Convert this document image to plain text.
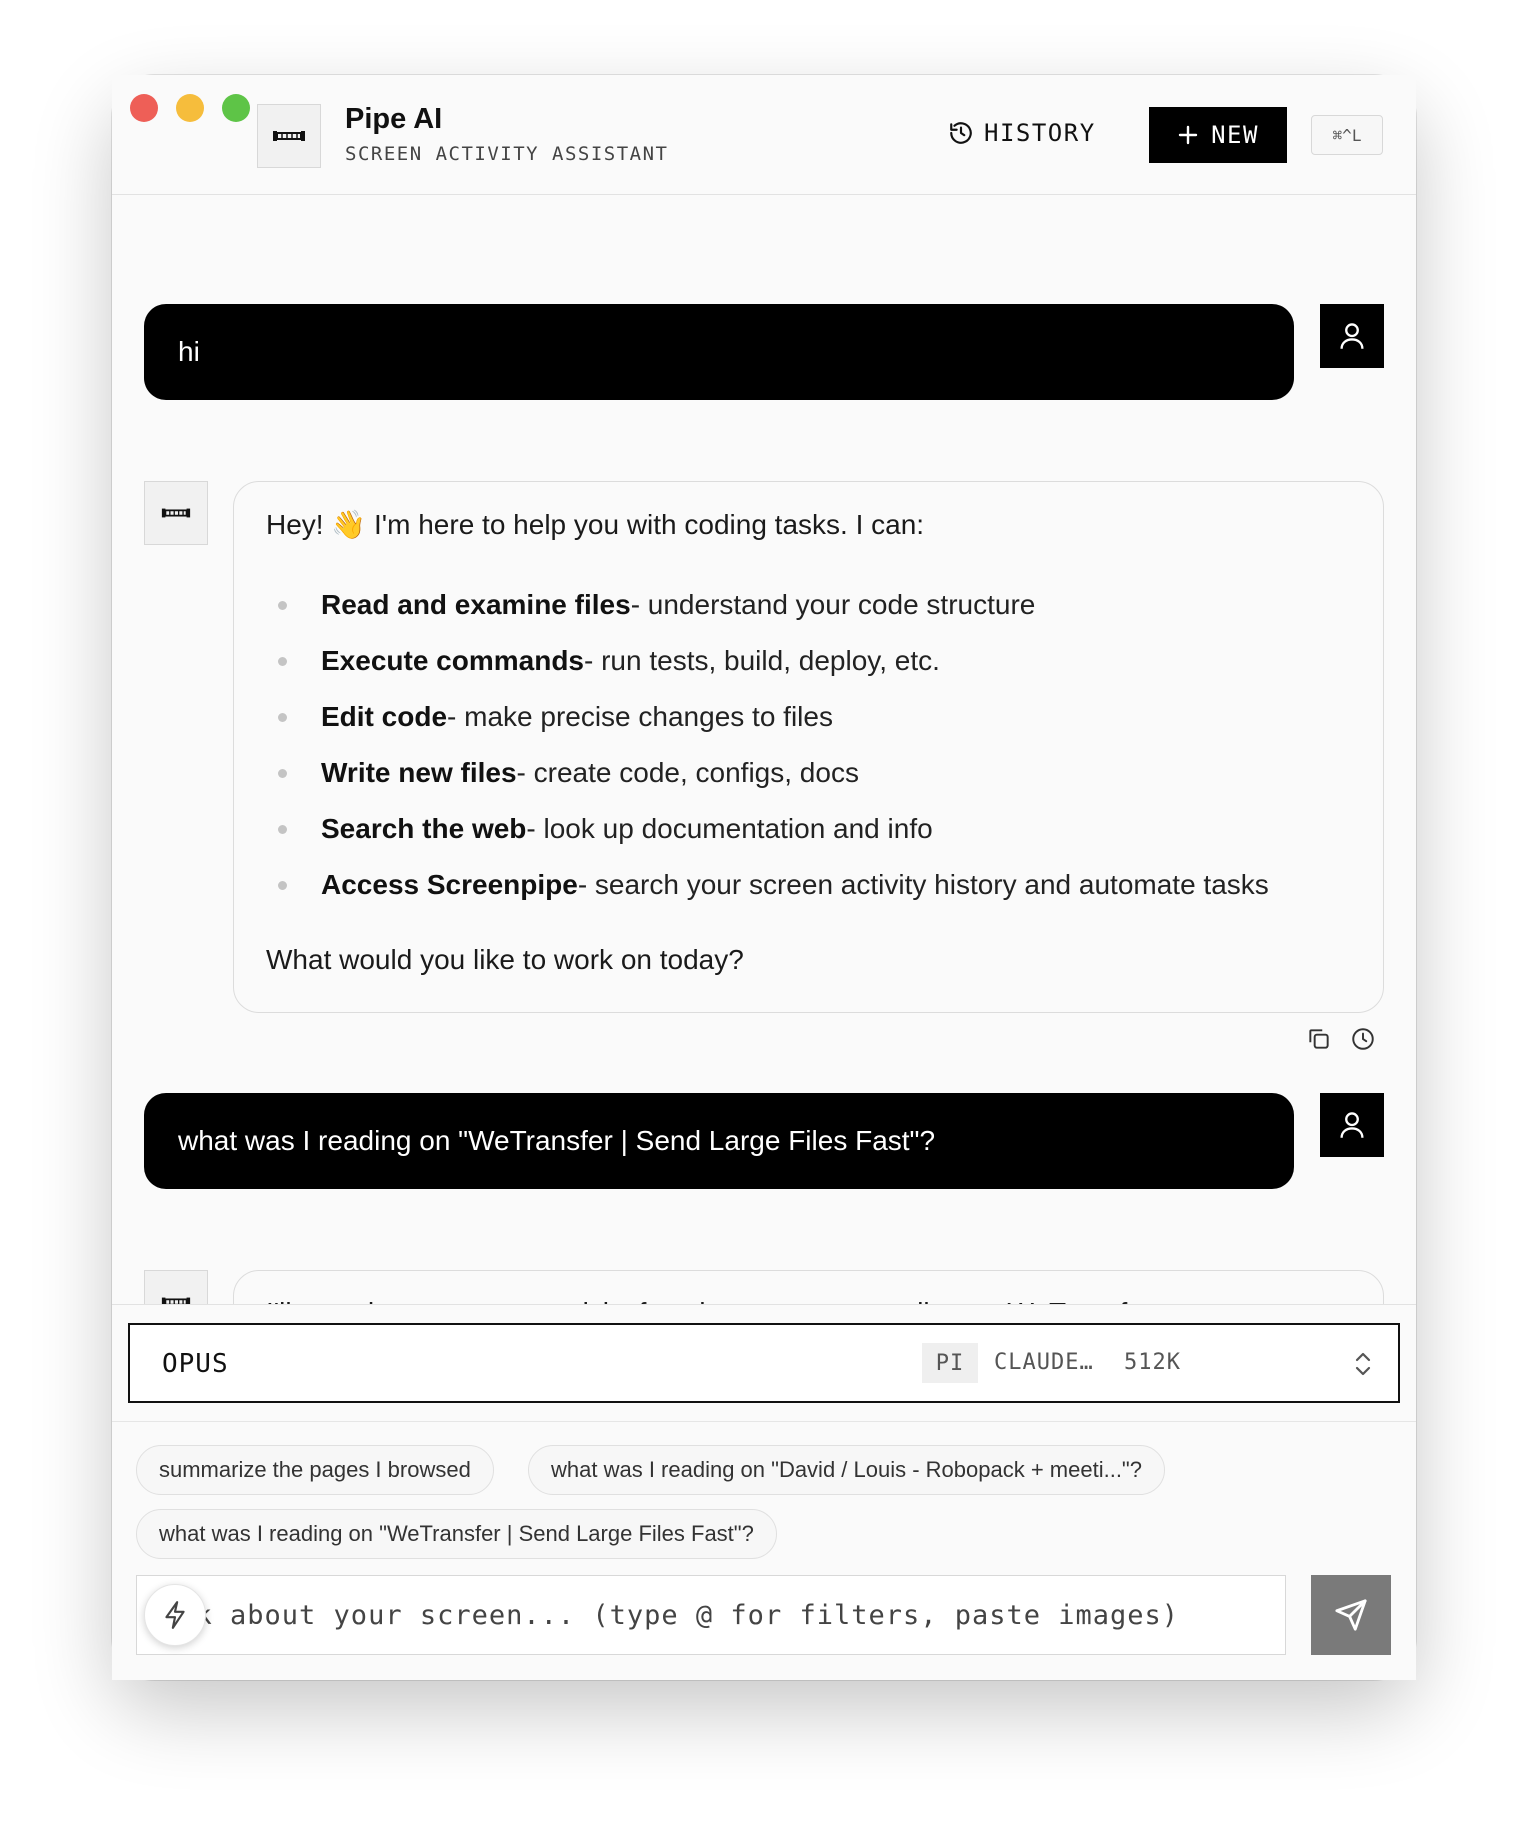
Pipe AI
SCREEN ACTIVITY ASSISTANT
HISTORY	NEW	⌘^L
hi
Hey! 👋 I'm here to help you with coding tasks. I can:
Read and examine files - understand your code structure
Execute commands - run tests, build, deploy, etc.
Edit code - make precise changes to files
Write new files - create code, configs, docs
Search the web - look up documentation and info
Access Screenpipe - search your screen activity history and automate tasks
What would you like to work on today?
what was I reading on "WeTransfer | Send Large Files Fast"?
OPUS	PI	CLAUDE… 512K
summarize the pages I browsed	what was I reading on "David / Louis - Robopack + meeti..."?
what was I reading on "WeTransfer | Send Large Files Fast"?
Ask about your screen... (type @ for filters, paste images)
